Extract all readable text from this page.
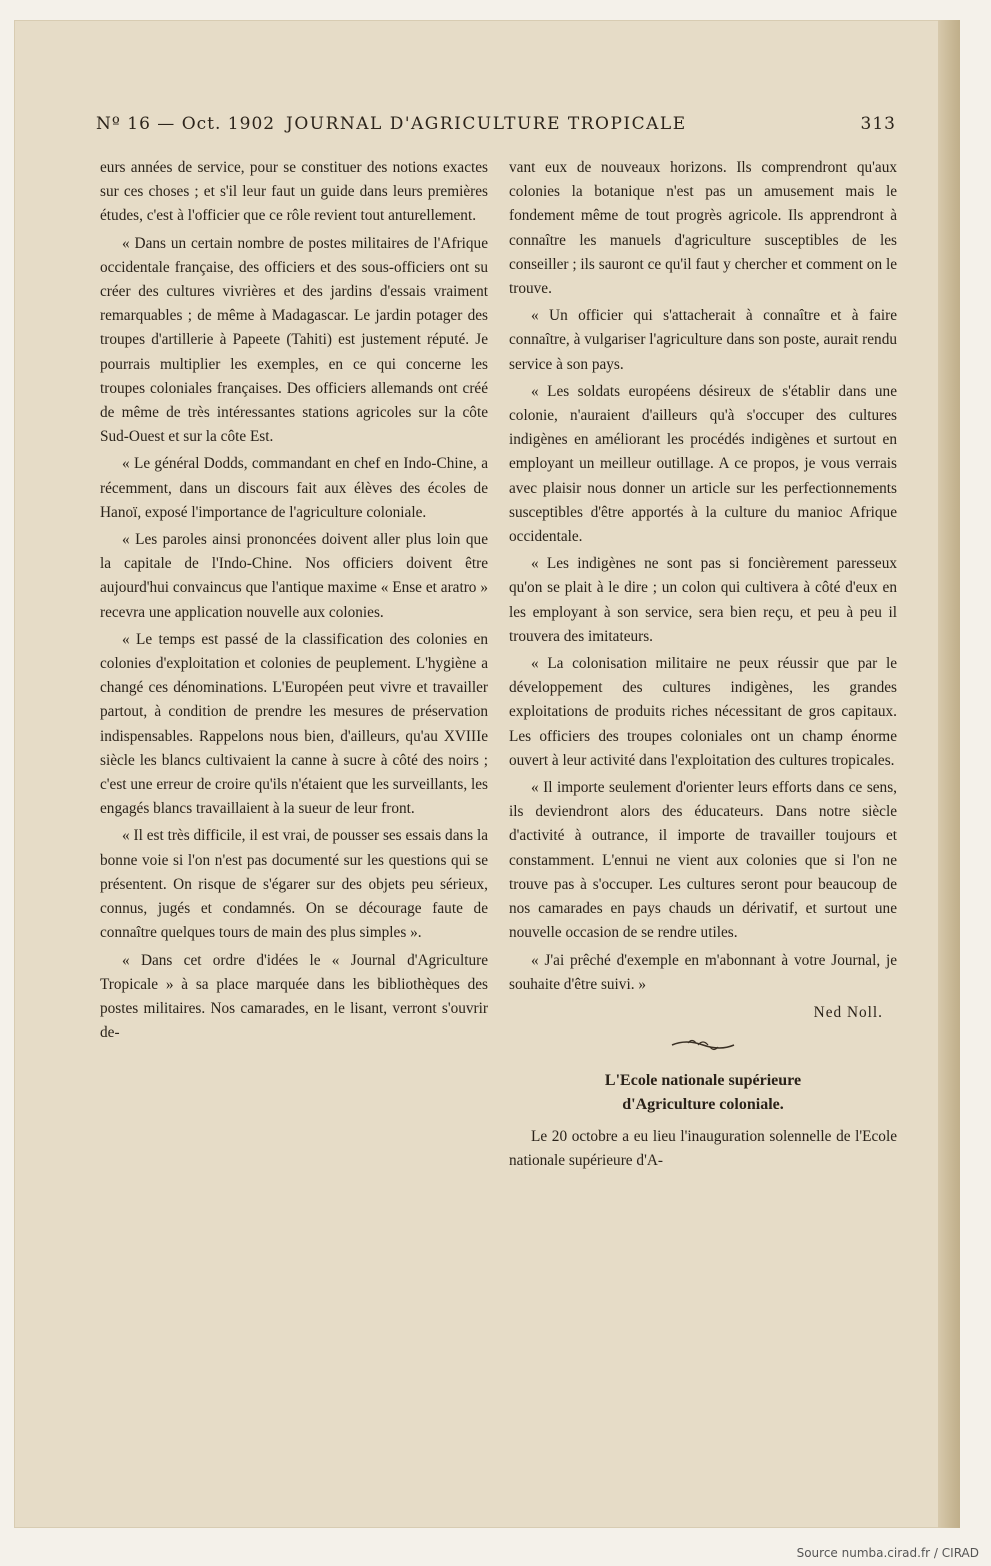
Nº 16 — Oct. 1902 JOURNAL D'AGRICULTURE TROPICALE	313

eurs années de service, pour se constituer des notions exactes sur ces choses ; et s'il leur faut un guide dans leurs premières études, c'est à l'officier que ce rôle revient tout anturellement.

« Dans un certain nombre de postes militaires de l'Afrique occidentale française, des officiers et des sous-officiers ont su créer des cultures vivrières et des jardins d'essais vraiment remarquables ; de même à Madagascar. Le jardin potager des troupes d'artillerie à Papeete (Tahiti) est justement réputé. Je pourrais multiplier les exemples, en ce qui concerne les troupes coloniales françaises. Des officiers allemands ont créé de même de très intéressantes stations agricoles sur la côte Sud-Ouest et sur la côte Est.

« Le général Dodds, commandant en chef en Indo-Chine, a récemment, dans un discours fait aux élèves des écoles de Hanoï, exposé l'importance de l'agriculture coloniale.

« Les paroles ainsi prononcées doivent aller plus loin que la capitale de l'Indo-Chine. Nos officiers doivent être aujourd'hui convaincus que l'antique maxime « Ense et aratro » recevra une application nouvelle aux colonies.

« Le temps est passé de la classification des colonies en colonies d'exploitation et colonies de peuplement. L'hygiène a changé ces dénominations. L'Européen peut vivre et travailler partout, à condition de prendre les mesures de préservation indispensables. Rappelons nous bien, d'ailleurs, qu'au XVIIIe siècle les blancs cultivaient la canne à sucre à côté des noirs ; c'est une erreur de croire qu'ils n'étaient que les surveillants, les engagés blancs travaillaient à la sueur de leur front.

« Il est très difficile, il est vrai, de pousser ses essais dans la bonne voie si l'on n'est pas documenté sur les questions qui se présentent. On risque de s'égarer sur des objets peu sérieux, connus, jugés et condamnés. On se décourage faute de connaître quelques tours de main des plus simples ».

« Dans cet ordre d'idées le « Journal d'Agriculture Tropicale » à sa place marquée dans les bibliothèques des postes militaires. Nos camarades, en le lisant, verront s'ouvrir de-

vant eux de nouveaux horizons. Ils comprendront qu'aux colonies la botanique n'est pas un amusement mais le fondement même de tout progrès agricole. Ils apprendront à connaître les manuels d'agriculture susceptibles de les conseiller ; ils sauront ce qu'il faut y chercher et comment on le trouve.

« Un officier qui s'attacherait à connaître et à faire connaître, à vulgariser l'agriculture dans son poste, aurait rendu service à son pays.

« Les soldats européens désireux de s'établir dans une colonie, n'auraient d'ailleurs qu'à s'occuper des cultures indigènes en améliorant les procédés indigènes et surtout en employant un meilleur outillage. A ce propos, je vous verrais avec plaisir nous donner un article sur les perfectionnements susceptibles d'être apportés à la culture du manioc Afrique occidentale.

« Les indigènes ne sont pas si foncièrement paresseux qu'on se plait à le dire ; un colon qui cultivera à côté d'eux en les employant à son service, sera bien reçu, et peu à peu il trouvera des imitateurs.

« La colonisation militaire ne peux réussir que par le développement des cultures indigènes, les grandes exploitations de produits riches nécessitant de gros capitaux. Les officiers des troupes coloniales ont un champ énorme ouvert à leur activité dans l'exploitation des cultures tropicales.

« Il importe seulement d'orienter leurs efforts dans ce sens, ils deviendront alors des éducateurs. Dans notre siècle d'activité à outrance, il importe de travailler toujours et constamment. L'ennui ne vient aux colonies que si l'on ne trouve pas à s'occuper. Les cultures seront pour beaucoup de nos camarades en pays chauds un dérivatif, et surtout une nouvelle occasion de se rendre utiles.

« J'ai prêché d'exemple en m'abonnant à votre Journal, je souhaite d'être suivi. »

Ned Noll.
L'Ecole nationale supérieure
d'Agriculture coloniale.

Le 20 octobre a eu lieu l'inauguration solennelle de l'Ecole nationale supérieure d'A-

Source numba.cirad.fr / CIRAD
